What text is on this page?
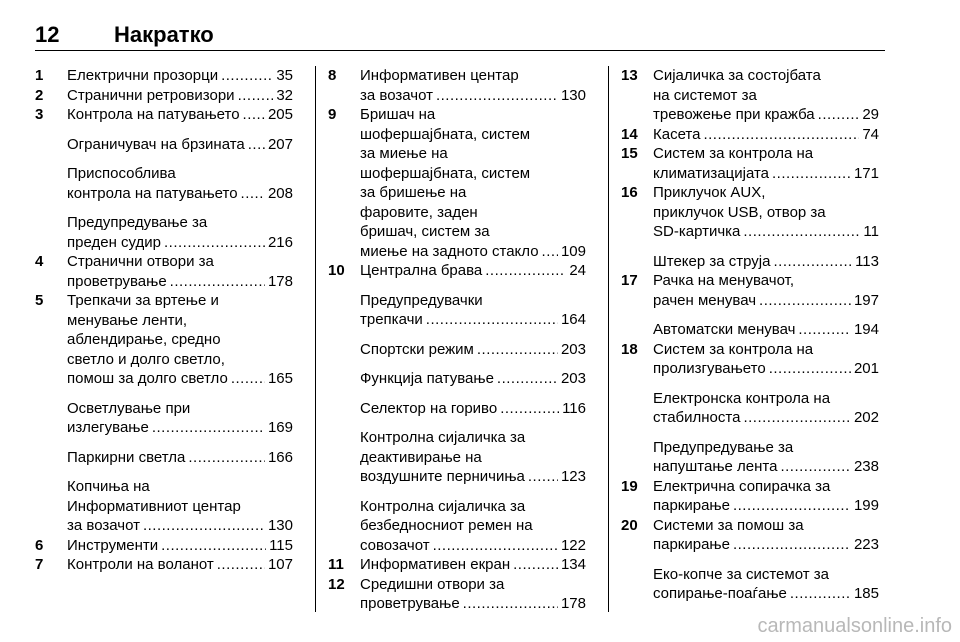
12 Накратко
1 Електрични прозорци .....	35
2 Странични ретровизори .....	32
3 Контрола на патувањето ..... 205
Ограничувач на брзината ..... 207
Приспособлива
контрола на патувањето ..... 208
Предупредување за
преден судир .....	216
4 Странични отвори за
проветрување .....	178
5 Трепкачи за вртење и
менување ленти,
аблендирање, средно
светло и долго светло,
помош за долго светло .....	165
Осветлување при
излегување .....	169
Паркирни светла .....	166
Копчиња на
Информативниот центар
за возачот .....	130
6 Инструменти .....	115
7 Контроли на воланот .....	107
8 Информативен центар
за возачот .....	130
9 Бришач на
шофершајбната, систем
за миење на
шофершајбната, систем
за бришење на
фаровите, заден
бришач, систем за
миење на задното стакло ..... 109
10 Централна брава .....	24
Предупредувачки
трепкачи .....	164
Спортски режим .....	203
Функција патување .....	203
Селектор на гориво .....	116
Контролна сијаличка за
деактивирање на
воздушните перничиња ..... 123
Контролна сијаличка за
безбедносниот ремен на
совозачот .....	122
11 Информативен екран .....	134
12 Средишни отвори за
проветрување .....	178
13 Сијаличка за состојбата
на системот за
тревожење при кражба .....	29
14 Касета .....	74
15 Систем за контрола на
климатизацијата .....	171
16 Приклучок AUX,
приклучок USB, отвор за
SD-картичка .....	11
Штекер за струја .....	113
17 Рачка на менувачот,
рачен менувач .....	197
Автоматски менувач .....	194
18 Систем за контрола на
пролизгувањето .....	201
Електронска контрола на
стабилноста .....	202
Предупредување за
напуштање лента .....	238
19 Електрична сопирачка за
паркирање .....	199
20 Системи за помош за
паркирање .....	223
Еко-копче за системот за
сопирање-поаѓање .....	185
carmanualsonline.info
